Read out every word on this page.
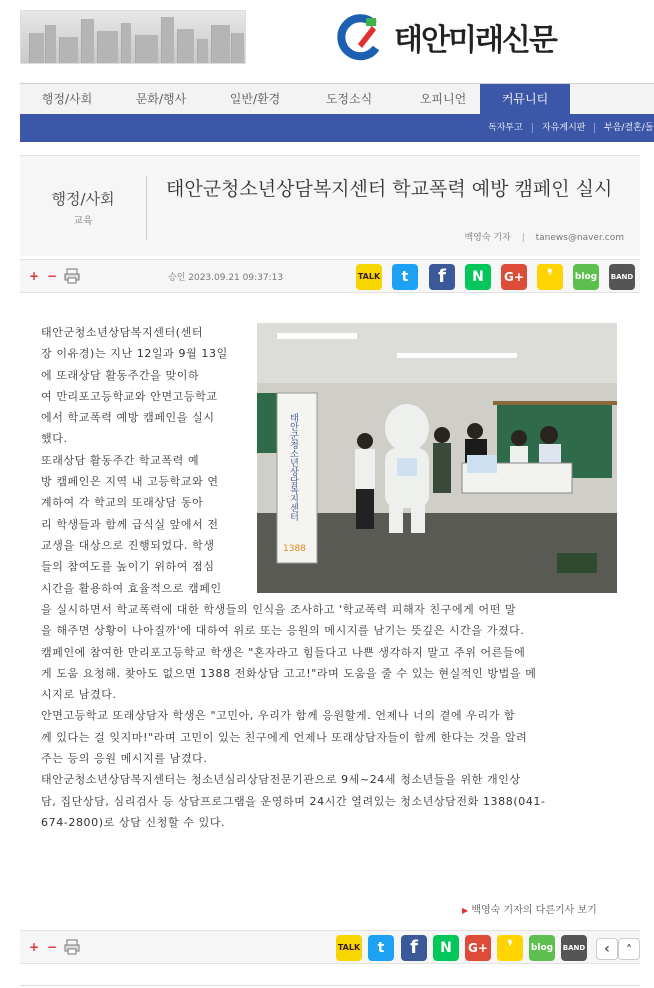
태안미래신문
행정/사회	문화/행사	일반/환경	도정소식	오피니언	커뮤니티
독자투고 자유게시판 부음/결혼/돌
행정/사회
교육
태안군청소년상담복지센터 학교폭력 예방 캠페인 실시
백영숙 기자 | tanews@naver.com
+ −	승인 2023.09.21 09:37:13	TALK	t	f	N	G+	❜	blog BAND
태안군청소년상담복지센터(센터
장 이유경)는 지난 12일과 9월 13일
에 또래상담 활동주간을 맞이하
여 만리포고등학교와 안면고등학교
에서 학교폭력 예방 캠페인을 실시
했다.
또래상담 활동주간 학교폭력 예
방 캠페인은 지역 내 고등학교와 연
계하여 각 학교의 또래상담 동아
리 학생들과 함께 급식실 앞에서 전
교생을 대상으로 진행되었다. 학생
들의 참여도를 높이기 위하여 점심
시간을 활용하여 효율적으로 캠페인
을 실시하면서 학교폭력에 대한 학생들의 인식을 조사하고 '학교폭력 피해자 친구에게 어떤 말
을 해주면 상황이 나아질까'에 대하여 위로 또는 응원의 메시지를 남기는 뜻깊은 시간을 가졌다.
캠페인에 참여한 만리포고등학교 학생은 "혼자라고 힘들다고 나쁜 생각하지 말고 주위 어른들에
게 도움 요청해. 찾아도 없으면 1388 전화상담 고고!"라며 도움을 줄 수 있는 현실적인 방법을 메
시지로 남겼다.
안면고등학교 또래상담자 학생은 "고민아, 우리가 함께 응원할게. 언제나 너의 곁에 우리가 함
께 있다는 걸 잊지마!"라며 고민이 있는 친구에게 언제나 또래상담자들이 함께 한다는 것을 알려
주는 등의 응원 메시지를 남겼다.
태안군청소년상담복지센터는 청소년심리상담전문기관으로 9세~24세 청소년들을 위한 개인상
담, 집단상담, 심리검사 등 상담프로그램을 운영하며 24시간 열려있는 청소년상담전화 1388(041-
674-2800)로 상담 신청할 수 있다.
태안군청소년상담복지센터
1388
▶ 백영숙 기자의 다른기사 보기
+ −	TALK	t	f	N	G+	❜	blog BAND	‹	˄
